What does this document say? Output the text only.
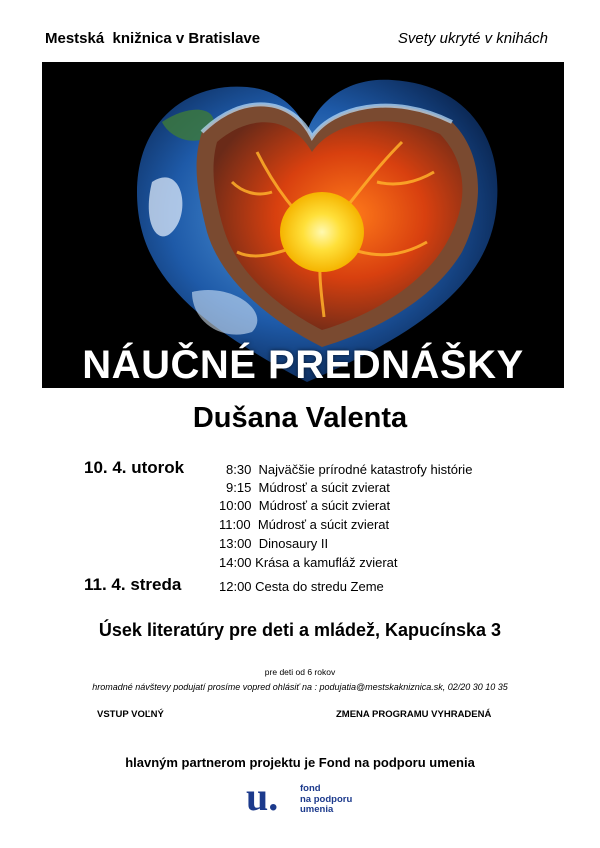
Mestská  knižnica v Bratislave	Svety ukryté v knihách
NÁUČNÉ PREDNÁŠKY
Dušana Valenta
10. 4. utorok	8:30 Najväčšie prírodné katastrofy histórie
9:15 Múdrosť a súcit zvierat
10:00 Múdrosť a súcit zvierat
11:00 Múdrosť a súcit zvierat
13:00 Dinosaury II
14:00 Krása a kamufláž zvierat
11. 4. streda	12:00 Cesta do stredu Zeme
Úsek literatúry pre deti a mládež, Kapucínska 3
pre deti od 6 rokov
hromadné návštevy podujatí prosíme vopred ohlásiť na : podujatia@mestskakniznica.sk, 02/20 30 10 35
VSTUP VOĽNÝ	ZMENA PROGRAMU VYHRADENÁ
hlavným partnerom projektu je Fond na podporu umenia
u. fond
na podporu
umenia
